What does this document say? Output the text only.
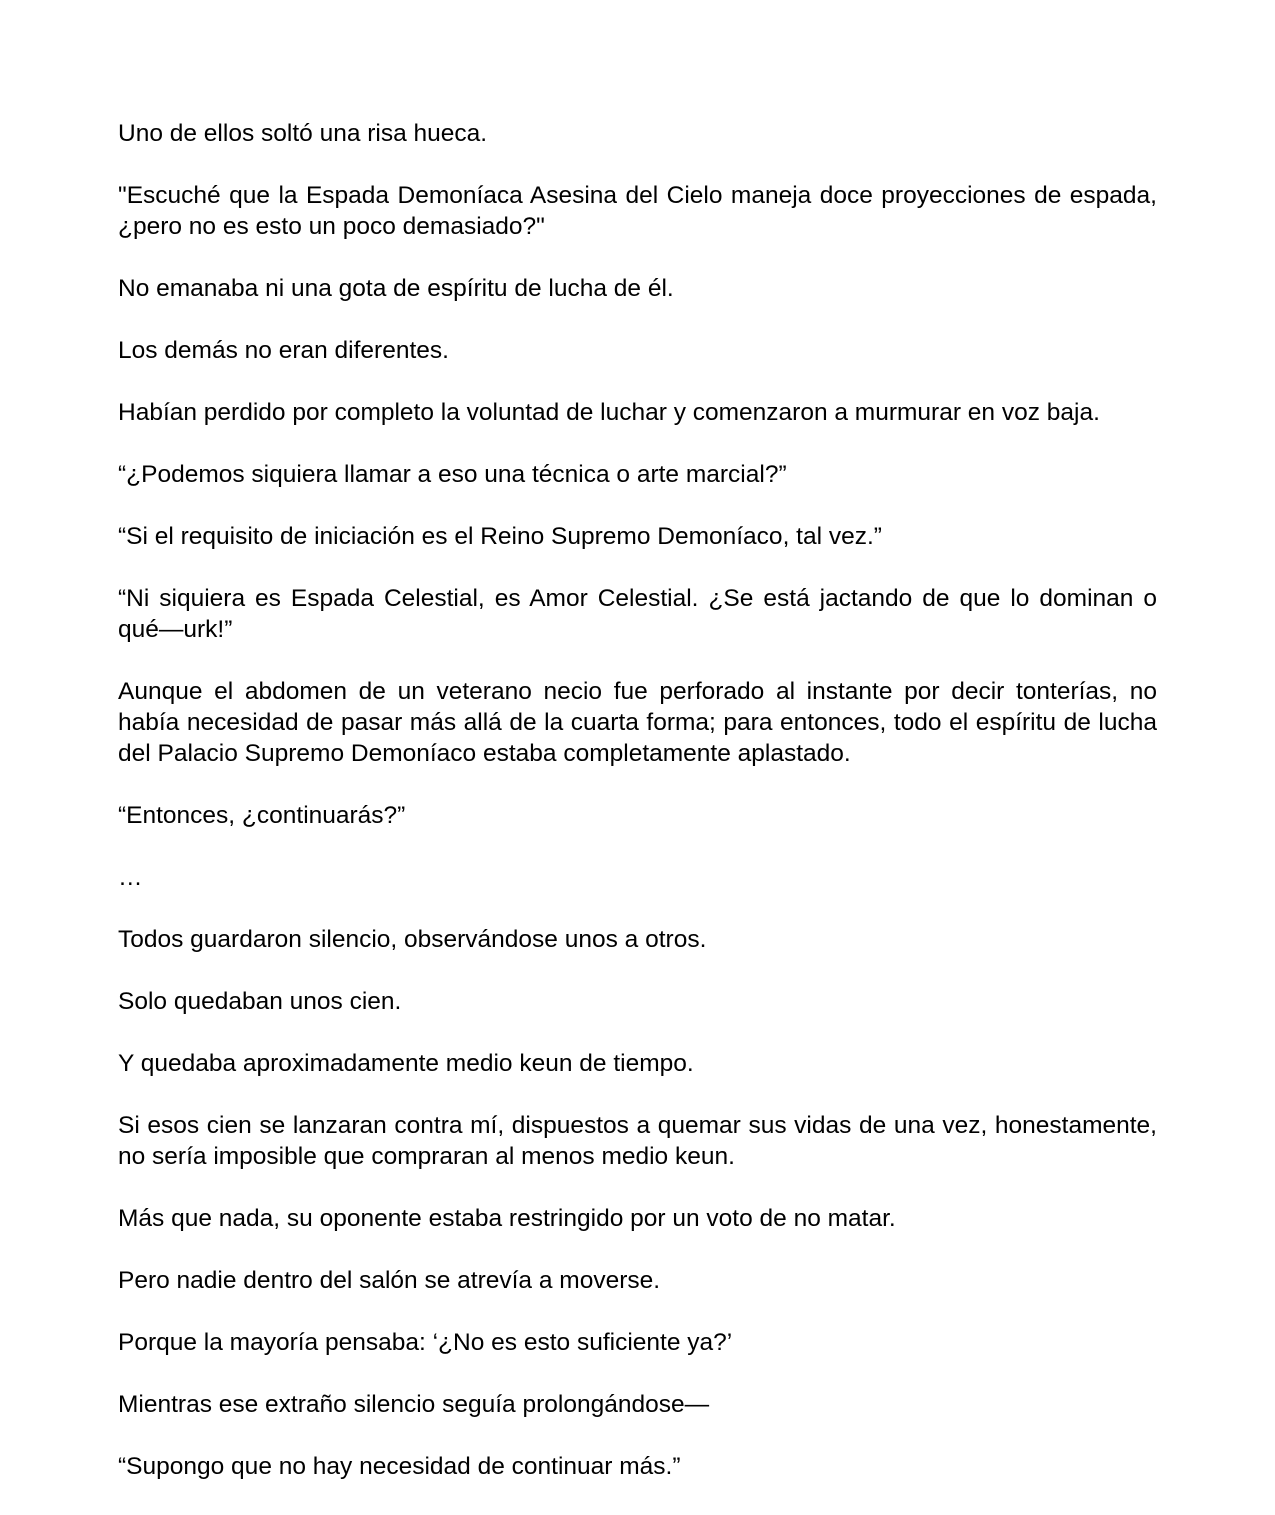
Uno de ellos soltó una risa hueca.

"Escuché que la Espada Demoníaca Asesina del Cielo maneja doce proyecciones de espada, ¿pero no es esto un poco demasiado?"

No emanaba ni una gota de espíritu de lucha de él.

Los demás no eran diferentes.

Habían perdido por completo la voluntad de luchar y comenzaron a murmurar en voz baja.

“¿Podemos siquiera llamar a eso una técnica o arte marcial?”

“Si el requisito de iniciación es el Reino Supremo Demoníaco, tal vez.”

“Ni siquiera es Espada Celestial, es Amor Celestial. ¿Se está jactando de que lo dominan o qué—urk!”

Aunque el abdomen de un veterano necio fue perforado al instante por decir tonterías, no había necesidad de pasar más allá de la cuarta forma; para entonces, todo el espíritu de lucha del Palacio Supremo Demoníaco estaba completamente aplastado.

“Entonces, ¿continuarás?”

…

Todos guardaron silencio, observándose unos a otros.

Solo quedaban unos cien.

Y quedaba aproximadamente medio keun de tiempo.

Si esos cien se lanzaran contra mí, dispuestos a quemar sus vidas de una vez, honestamente, no sería imposible que compraran al menos medio keun.

Más que nada, su oponente estaba restringido por un voto de no matar.

Pero nadie dentro del salón se atrevía a moverse.

Porque la mayoría pensaba: ‘¿No es esto suficiente ya?’

Mientras ese extraño silencio seguía prolongándose—

“Supongo que no hay necesidad de continuar más.”
